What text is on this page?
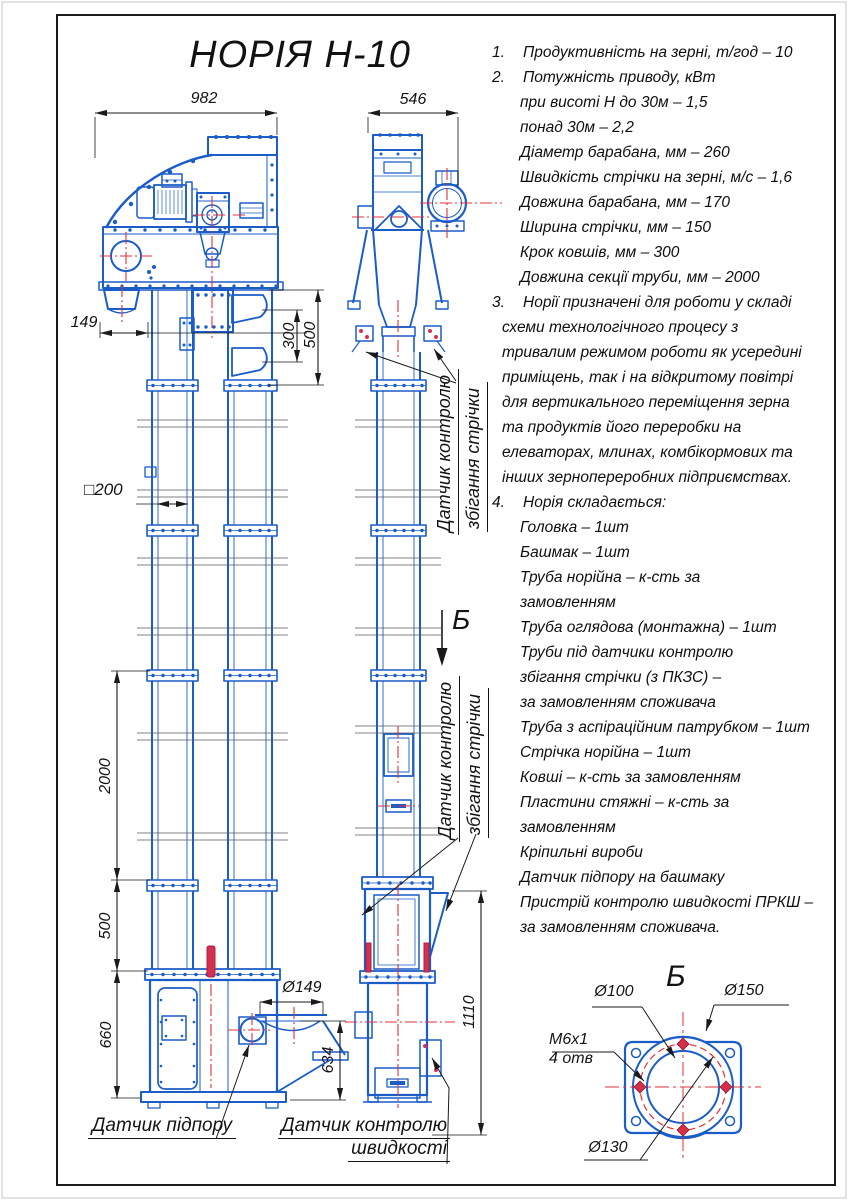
НОРІЯ Н-10
982	546
149
□200
Ø149
300 500
2000
500
660
634
1110
Датчик контролю збігання стрічки
Датчик контролю збігання стрічки
Б
Датчик підпору	Датчик контролю
швидкості
Б
Ø100	Ø150
Ø130
М6х1
4 отв
1. Продуктивність на зерні, т/год – 10
2. Потужність приводу, кВт
при висоті Н до 30м – 1,5
понад 30м – 2,2
Діаметр барабана, мм – 260
Швидкість стрічки на зерні, м/с – 1,6
Довжина барабана, мм – 170
Ширина стрічки, мм – 150
Крок ковшів, мм – 300
Довжина секції труби, мм – 2000
3. Норії призначені для роботи у складі
схеми технологічного процесу з
тривалим режимом роботи як усередині
приміщень, так і на відкритому повітрі
для вертикального переміщення зерна
та продуктів його переробки на
елеваторах, млинах, комбікормових та
інших зернопереробних підприємствах.
4. Норія складається:
Головка – 1шт
Башмак – 1шт
Труба норійна – к-сть за
замовленням
Труба оглядова (монтажна) – 1шт
Труби під датчики контролю
збігання стрічки (з ПКЗС) –
за замовленням споживача
Труба з аспіраційним патрубком – 1шт
Стрічка норійна – 1шт
Ковші – к-сть за замовленням
Пластини стяжні – к-сть за
замовленням
Кріпильні вироби
Датчик підпору на башмаку
Пристрій контролю швидкості ПРКШ –
за замовленням споживача.
